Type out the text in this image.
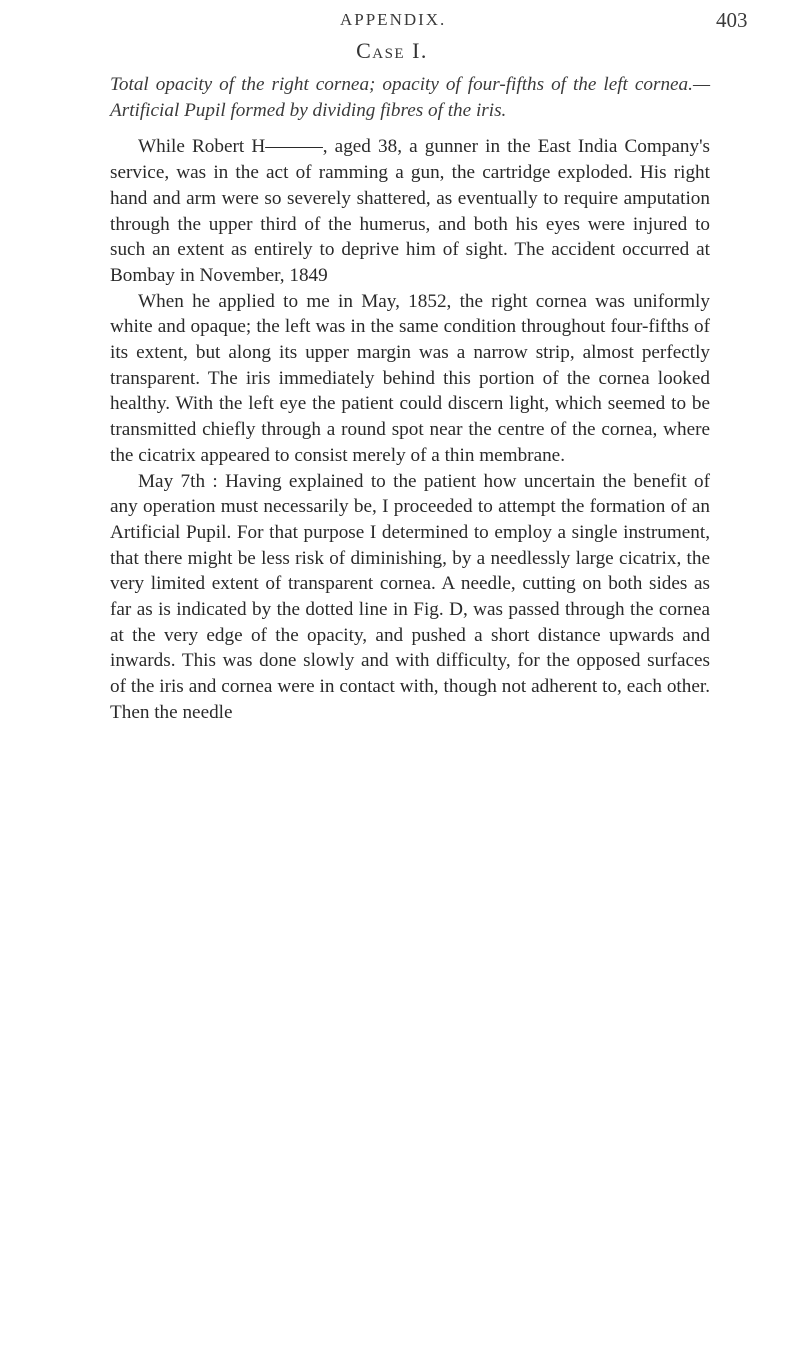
APPENDIX.	403
Case I.

Total opacity of the right cornea; opacity of four-fifths of the left cornea.—Artificial Pupil formed by dividing fibres of the iris.

While Robert H———, aged 38, a gunner in the East India Company's service, was in the act of ramming a gun, the cartridge exploded. His right hand and arm were so severely shattered, as eventually to require amputation through the upper third of the humerus, and both his eyes were injured to such an extent as entirely to deprive him of sight. The accident occurred at Bombay in November, 1849

When he applied to me in May, 1852, the right cornea was uniformly white and opaque; the left was in the same condition throughout four-fifths of its extent, but along its upper margin was a narrow strip, almost perfectly transparent. The iris immediately behind this portion of the cornea looked healthy. With the left eye the patient could discern light, which seemed to be transmitted chiefly through a round spot near the centre of the cornea, where the cicatrix appeared to consist merely of a thin membrane.

May 7th : Having explained to the patient how uncertain the benefit of any operation must necessarily be, I proceeded to attempt the formation of an Artificial Pupil. For that purpose I determined to employ a single instrument, that there might be less risk of diminishing, by a needlessly large cicatrix, the very limited extent of transparent cornea. A needle, cutting on both sides as far as is indicated by the dotted line in Fig. D, was passed through the cornea at the very edge of the opacity, and pushed a short distance upwards and inwards. This was done slowly and with difficulty, for the opposed surfaces of the iris and cornea were in contact with, though not adherent to, each other. Then the needle
